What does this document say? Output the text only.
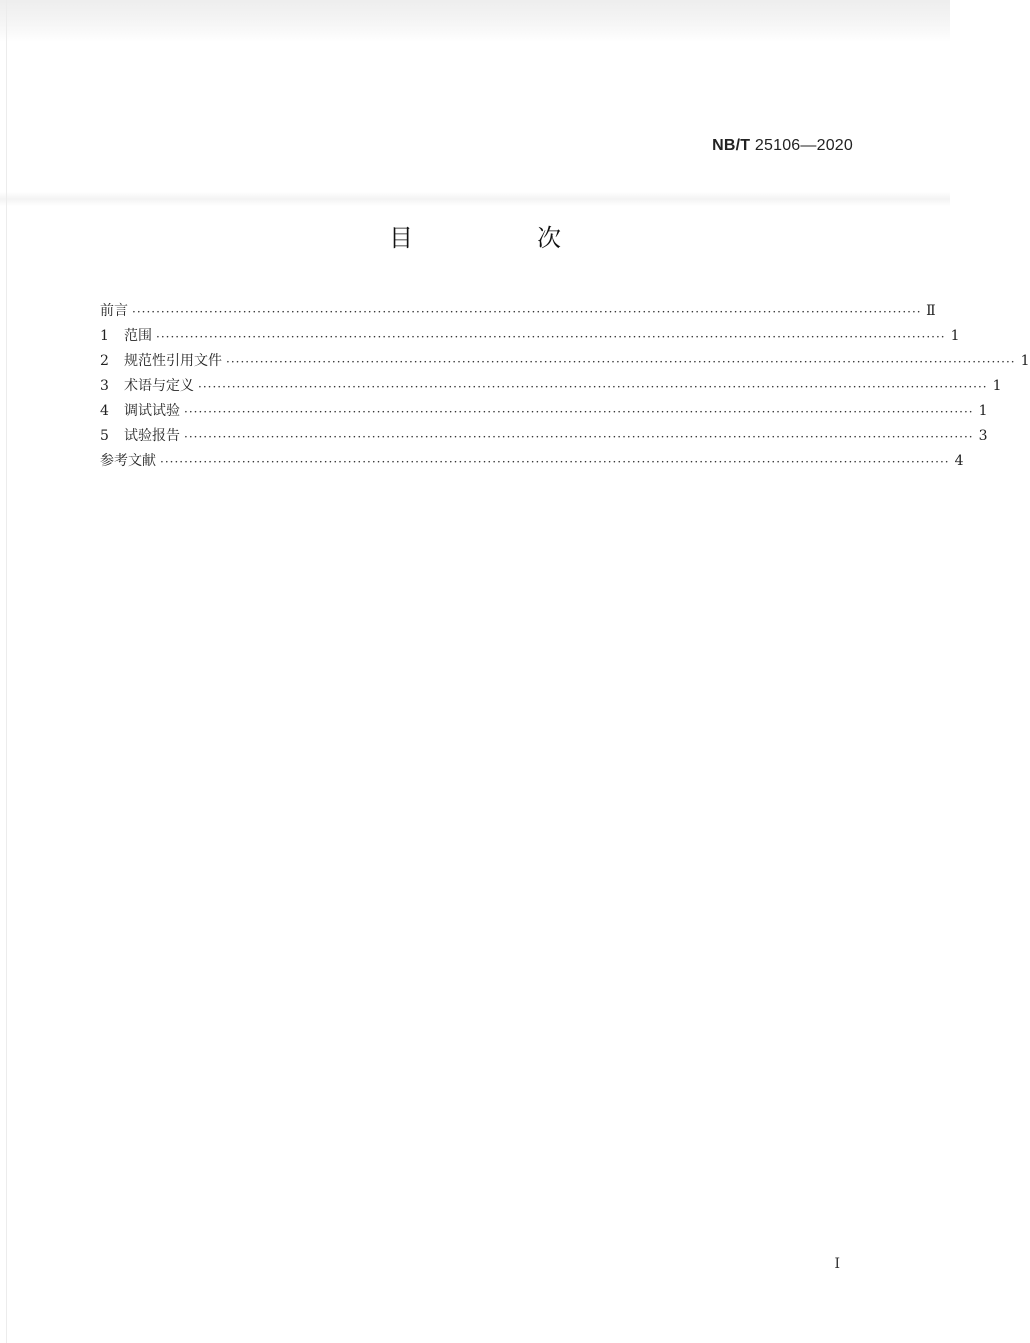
NB/T 25106—2020
目　次
前言 ···································································································································································· Ⅱ
1	范围 ···································································································································································· 1
2	规范性引用文件 ···································································································································································· 1
3	术语与定义 ···································································································································································· 1
4	调试试验 ···································································································································································· 1
5	试验报告 ···································································································································································· 3
参考文献 ···································································································································································· 4
I
